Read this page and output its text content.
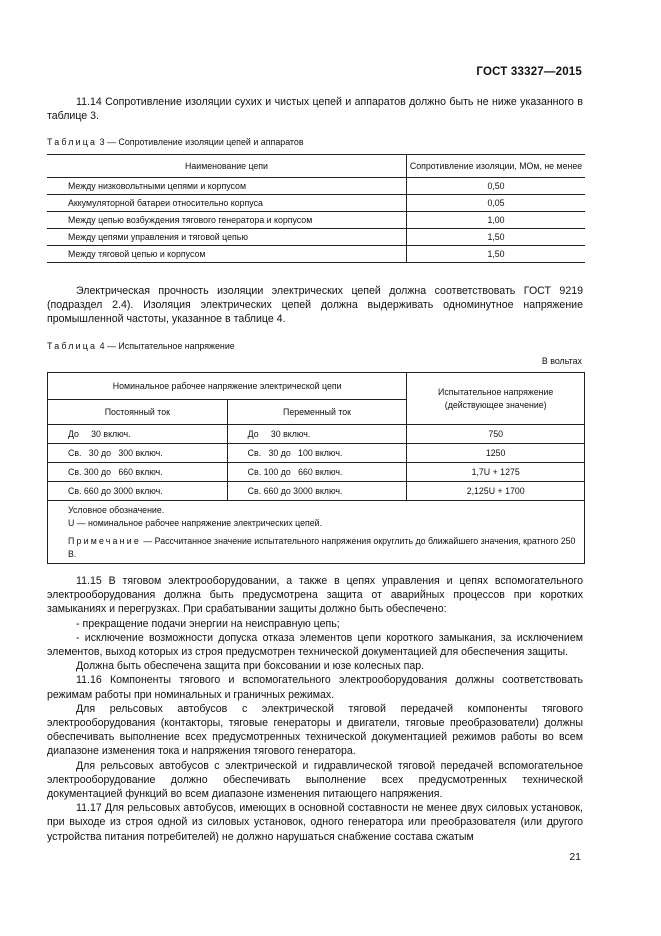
ГОСТ 33327—2015

11.14 Сопротивление изоляции сухих и чистых цепей и аппаратов должно быть не ниже указанного в таблице 3.

Таблица 3 — Сопротивление изоляции цепей и аппаратов
Наименование цепи	Сопротивление изоляции, МОм, не менее
Между низковольтными цепями и корпусом	0,50
Аккумуляторной батареи относительно корпуса	0,05
Между цепью возбуждения тягового генератора и корпусом	1,00
Между цепями управления и тяговой цепью	1,50
Между тяговой цепью и корпусом	1,50

Электрическая прочность изоляции электрических цепей должна соответствовать ГОСТ 9219 (подраздел 2.4). Изоляция электрических цепей должна выдерживать одноминутное напряжение промышленной частоты, указанное в таблице 4.

Таблица 4 — Испытательное напряжение
В вольтах
Номинальное рабочее напряжение электрической цепи		Испытательное напряжение
(действующее значение)

Постоянный ток	Переменный ток	
До     30 включ.	До     30 включ.	750
Св.   30 до   300 включ.	Св.   30 до   100 включ.	1250
Св. 300 до   660 включ.	Св. 100 до   660 включ.	1,7U + 1275
Св. 660 до 3000 включ.	Св. 660 до 3000 включ.	2,125U + 1700

Условное обозначение.
U — номинальное рабочее напряжение электрических цепей.
Примечание — Рассчитанное значение испытательного напряжения округлить до ближайшего значения, кратного 250 В.		

11.15 В тяговом электрооборудовании, а также в цепях управления и цепях вспомогательного электрооборудования должна быть предусмотрена защита от аварийных процессов при коротких замыканиях и перегрузках. При срабатывании защиты должно быть обеспечено:

- прекращение подачи энергии на неисправную цепь;

- исключение возможности допуска отказа элементов цепи короткого замыкания, за исключением элементов, выход которых из строя предусмотрен технической документацией для обеспечения защиты.

Должна быть обеспечена защита при боксовании и юзе колесных пар.

11.16 Компоненты тягового и вспомогательного электрооборудования должны соответствовать режимам работы при номинальных и граничных режимах.

Для рельсовых автобусов с электрической тяговой передачей компоненты тягового электрооборудования (контакторы, тяговые генераторы и двигатели, тяговые преобразователи) должны обеспечивать выполнение всех предусмотренных технической документацией режимов работы во всем диапазоне изменения тока и напряжения тягового генератора.

Для рельсовых автобусов с электрической и гидравлической тяговой передачей вспомогательное электрооборудование должно обеспечивать выполнение всех предусмотренных технической документацией функций во всем диапазоне изменения питающего напряжения.

11.17 Для рельсовых автобусов, имеющих в основной составности не менее двух силовых установок, при выходе из строя одной из силовых установок, одного генератора или преобразователя (или другого устройства питания потребителей) не должно нарушаться снабжение состава сжатым

21
